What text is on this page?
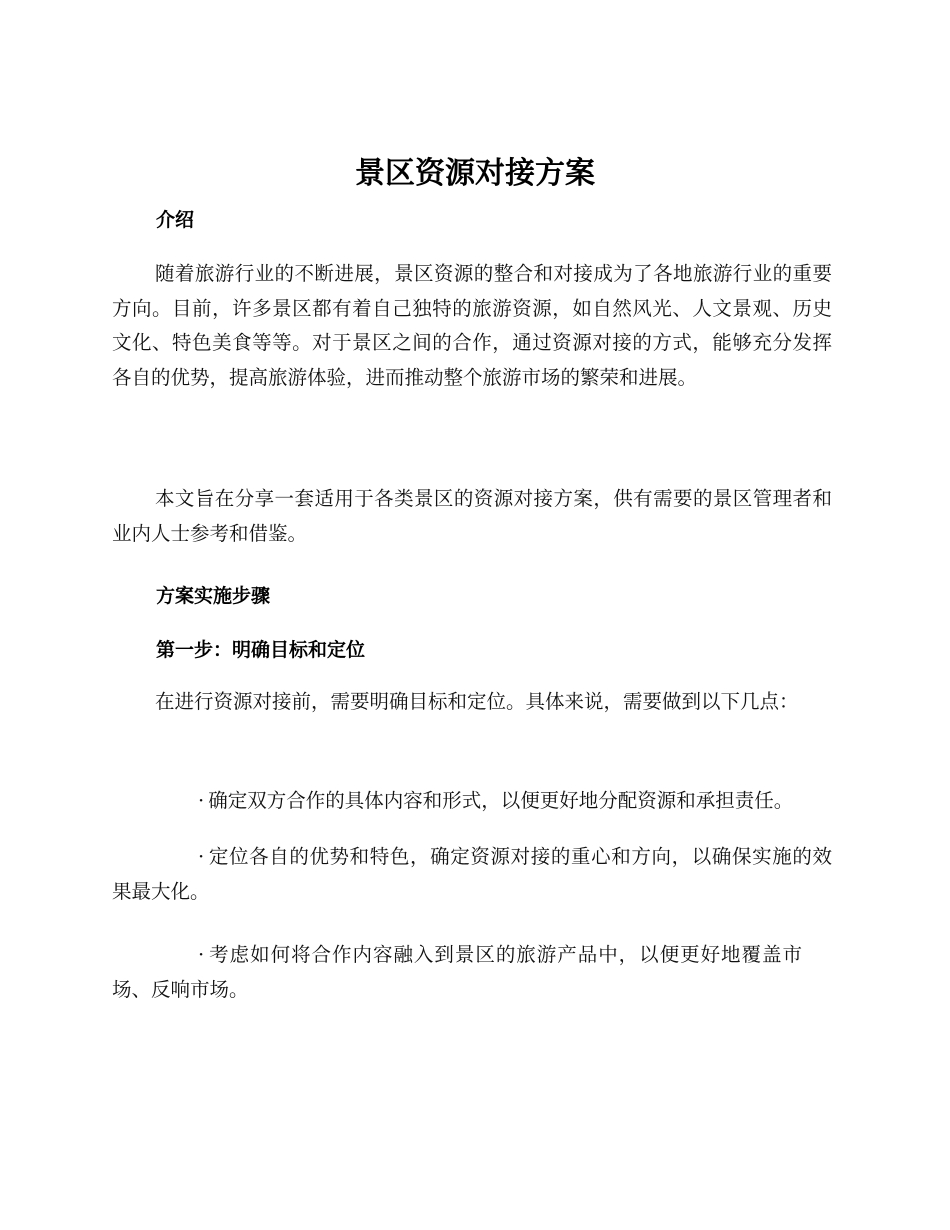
景区资源对接方案
介绍

随着旅游行业的不断进展，景区资源的整合和对接成为了各地旅游行业的重要方向。目前，许多景区都有着自己独特的旅游资源，如自然风光、人文景观、历史文化、特色美食等等。对于景区之间的合作，通过资源对接的方式，能够充分发挥各自的优势，提高旅游体验，进而推动整个旅游市场的繁荣和进展。

本文旨在分享一套适用于各类景区的资源对接方案，供有需要的景区管理者和业内人士参考和借鉴。

方案实施步骤
第一步：明确目标和定位

在进行资源对接前，需要明确目标和定位。具体来说，需要做到以下几点：

· 确定双方合作的具体内容和形式，以便更好地分配资源和承担责任。

· 定位各自的优势和特色，确定资源对接的重心和方向，以确保实施的效果最大化。

· 考虑如何将合作内容融入到景区的旅游产品中，以便更好地覆盖市场、反响市场。
